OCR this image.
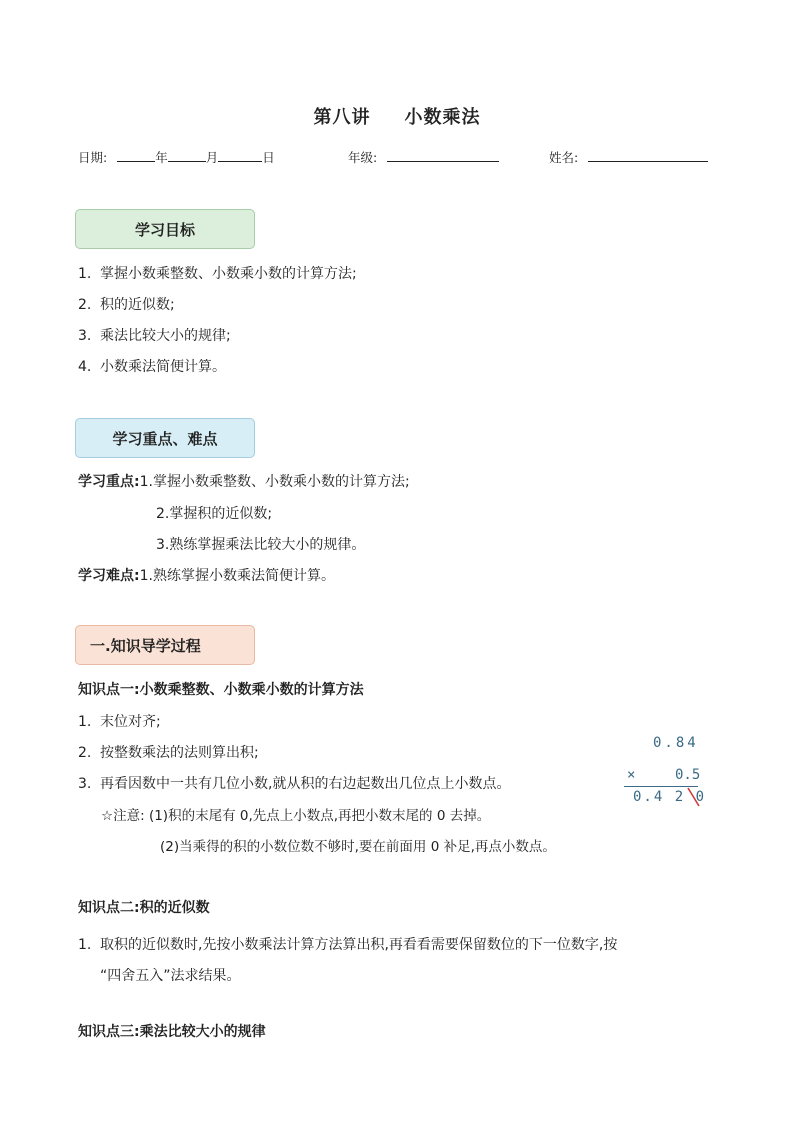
第八讲 小数乘法
日期:	年	月	日	年级:	姓名:
学习目标
1. 掌握小数乘整数、小数乘小数的计算方法;
2. 积的近似数;
3. 乘法比较大小的规律;
4. 小数乘法简便计算。
学习重点、难点
学习重点:1.掌握小数乘整数、小数乘小数的计算方法;
2.掌握积的近似数;
3.熟练掌握乘法比较大小的规律。
学习难点:1.熟练掌握小数乘法简便计算。
一.知识导学过程
知识点一:小数乘整数、小数乘小数的计算方法
1. 末位对齐;
2. 按整数乘法的法则算出积;
3. 再看因数中一共有几位小数,就从积的右边起数出几位点上小数点。
☆注意: (1)积的末尾有 0,先点上小数点,再把小数末尾的 0 去掉。
(2)当乘得的积的小数位数不够时,要在前面用 0 补足,再点小数点。
0.84
×	0.5
0.4 2 0
知识点二:积的近似数
1. 取积的近似数时,先按小数乘法计算方法算出积,再看看需要保留数位的下一位数字,按
“四舍五入”法求结果。
知识点三:乘法比较大小的规律
